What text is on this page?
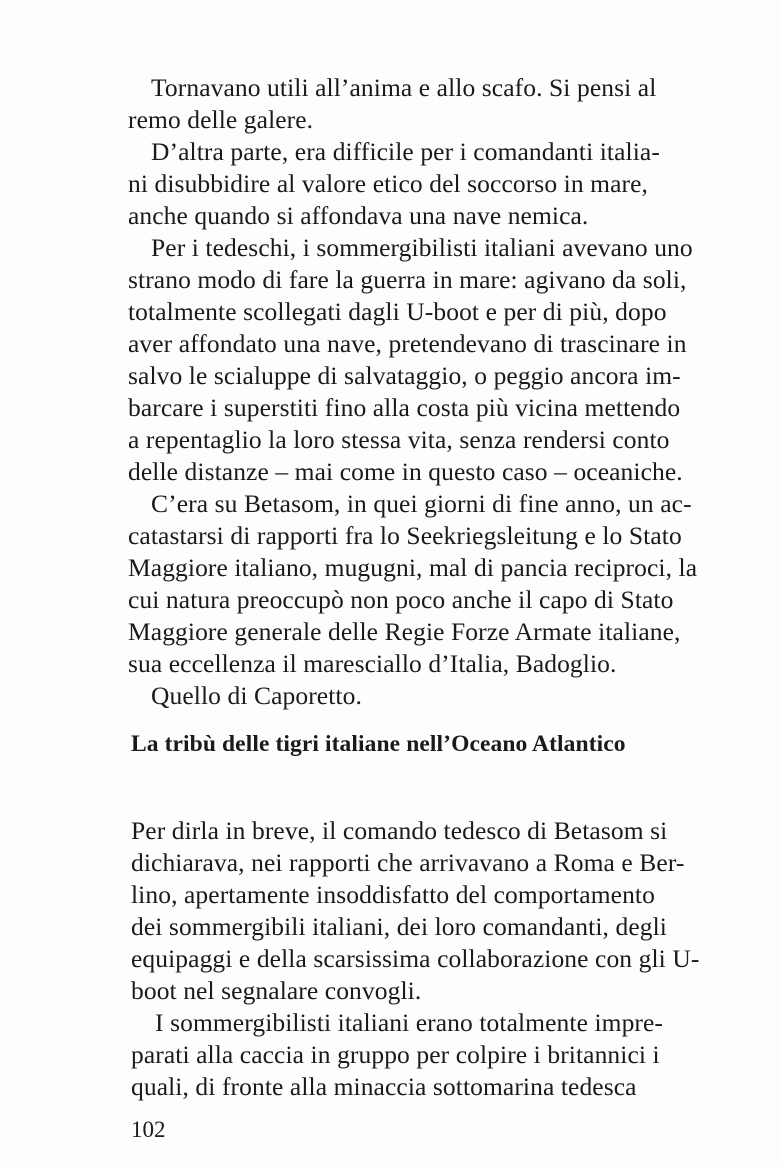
Tornavano utili all’anima e allo scafo. Si pensi al
remo delle galere.
D’altra parte, era difficile per i comandanti italia-
ni disubbidire al valore etico del soccorso in mare,
anche quando si affondava una nave nemica.
Per i tedeschi, i sommergibilisti italiani avevano uno
strano modo di fare la guerra in mare: agivano da soli,
totalmente scollegati dagli U-boot e per di più, dopo
aver affondato una nave, pretendevano di trascinare in
salvo le scialuppe di salvataggio, o peggio ancora im-
barcare i superstiti fino alla costa più vicina mettendo
a repentaglio la loro stessa vita, senza rendersi conto
delle distanze – mai come in questo caso – oceaniche.
C’era su Betasom, in quei giorni di fine anno, un ac-
catastarsi di rapporti fra lo Seekriegsleitung e lo Stato
Maggiore italiano, mugugni, mal di pancia reciproci, la
cui natura preoccupò non poco anche il capo di Stato
Maggiore generale delle Regie Forze Armate italiane,
sua eccellenza il maresciallo d’Italia, Badoglio.
Quello di Caporetto.
La tribù delle tigri italiane nell’Oceano Atlantico
Per dirla in breve, il comando tedesco di Betasom si
dichiarava, nei rapporti che arrivavano a Roma e Ber-
lino, apertamente insoddisfatto del comportamento
dei sommergibili italiani, dei loro comandanti, degli
equipaggi e della scarsissima collaborazione con gli U-
boot nel segnalare convogli.
I sommergibilisti italiani erano totalmente impre-
parati alla caccia in gruppo per colpire i britannici i
quali, di fronte alla minaccia sottomarina tedesca
102
